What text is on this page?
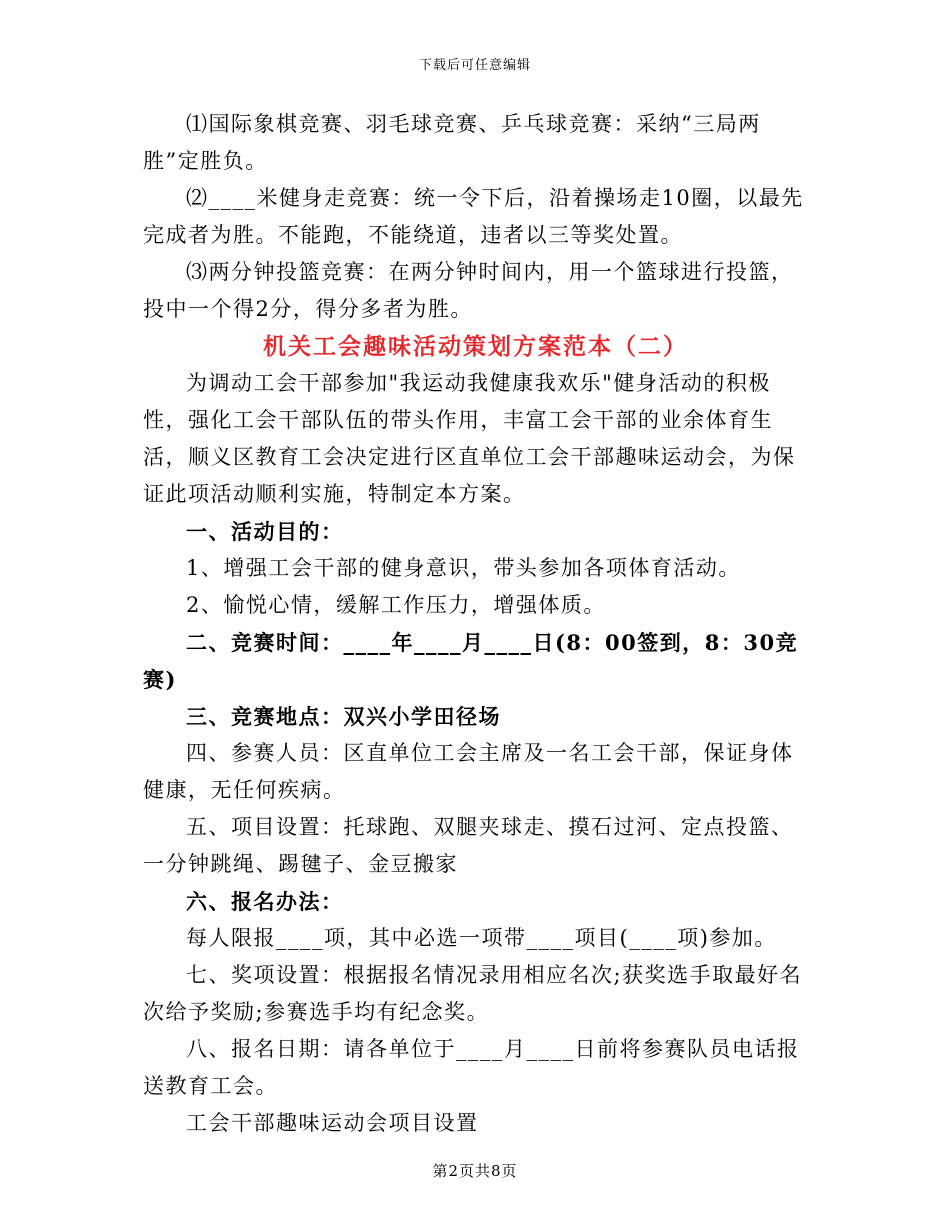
下载后可任意编辑

⑴国际象棋竞赛、羽毛球竞赛、乒乓球竞赛：采纳“三局两胜”定胜负。

⑵____米健身走竞赛：统一令下后，沿着操场走10圈，以最先完成者为胜。不能跑，不能绕道，违者以三等奖处置。

⑶两分钟投篮竞赛：在两分钟时间内，用一个篮球进行投篮，投中一个得2分，得分多者为胜。

机关工会趣味活动策划方案范本（二）

为调动工会干部参加"我运动我健康我欢乐"健身活动的积极性，强化工会干部队伍的带头作用，丰富工会干部的业余体育生活，顺义区教育工会决定进行区直单位工会干部趣味运动会，为保证此项活动顺利实施，特制定本方案。

一、活动目的：

1、增强工会干部的健身意识，带头参加各项体育活动。

2、愉悦心情，缓解工作压力，增强体质。

二、竞赛时间：____年____月____日(8：00签到，8：30竞赛)

三、竞赛地点：双兴小学田径场

四、参赛人员：区直单位工会主席及一名工会干部，保证身体健康，无任何疾病。

五、项目设置：托球跑、双腿夹球走、摸石过河、定点投篮、一分钟跳绳、踢毽子、金豆搬家

六、报名办法：

每人限报____项，其中必选一项带____项目(____项)参加。

七、奖项设置：根据报名情况录用相应名次;获奖选手取最好名次给予奖励;参赛选手均有纪念奖。

八、报名日期：请各单位于____月____日前将参赛队员电话报送教育工会。

工会干部趣味运动会项目设置

第2页共8页
